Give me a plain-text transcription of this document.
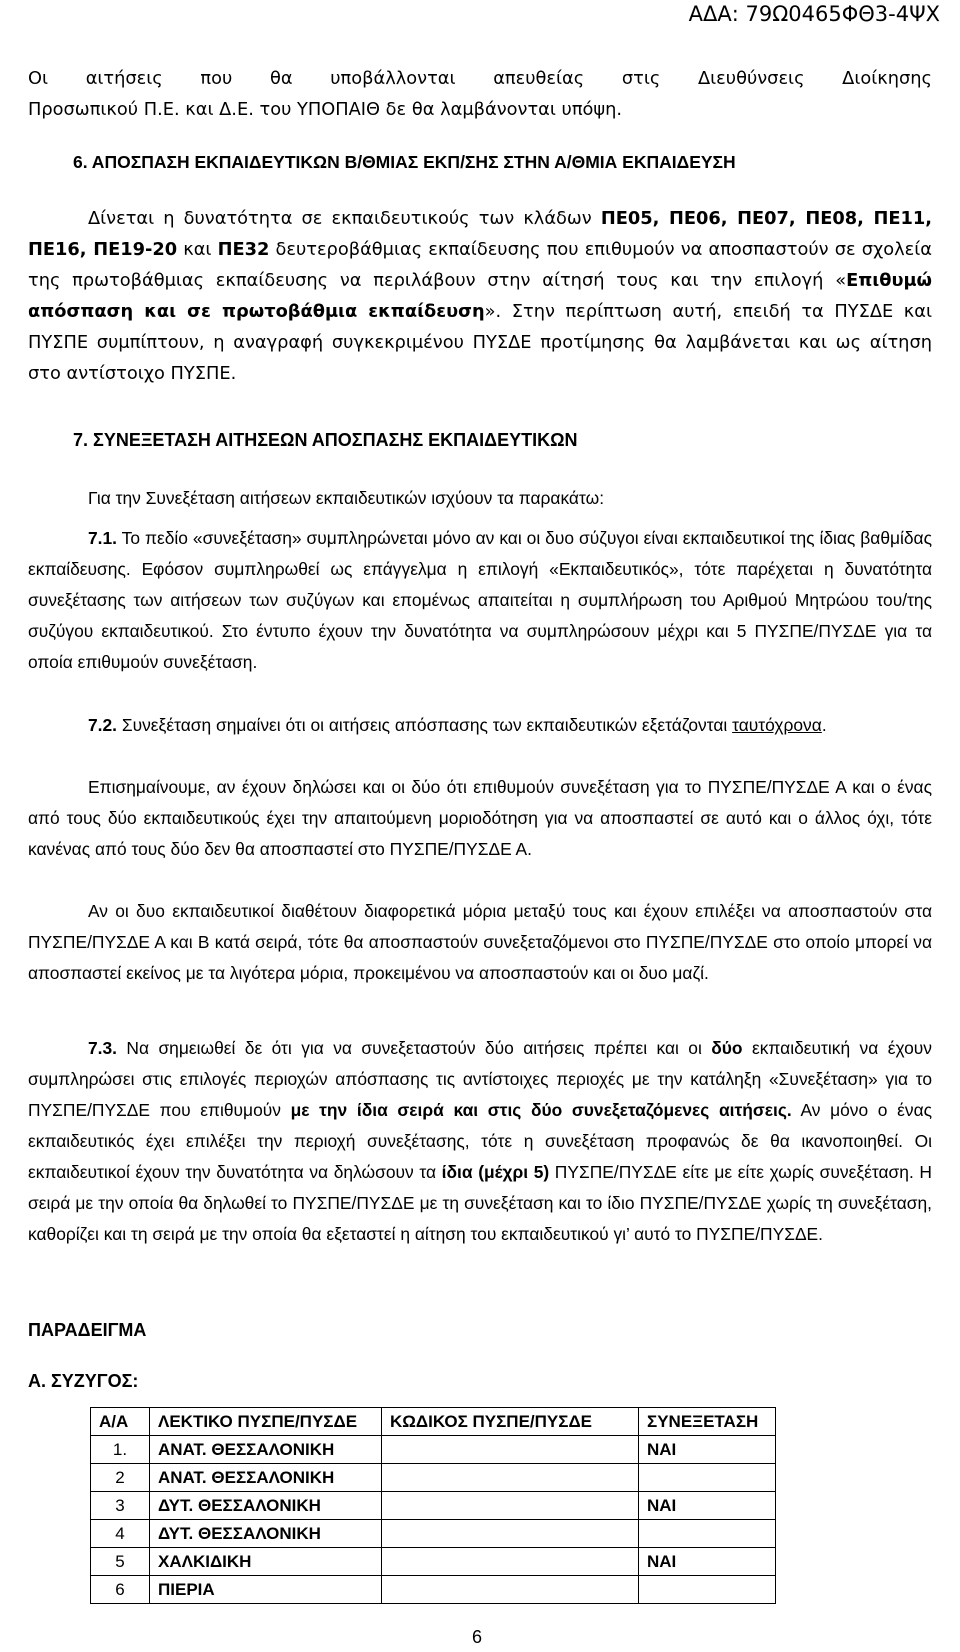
ΑΔΑ: 79Ω0465ΦΘ3-4ΨΧ

Οι αιτήσεις που θα υποβάλλονται απευθείας στις Διευθύνσεις Διοίκησης
Προσωπικού Π.Ε. και Δ.Ε. του ΥΠΟΠΑΙΘ δε θα λαμβάνονται υπόψη.

6. ΑΠΟΣΠΑΣΗ ΕΚΠΑΙΔΕΥΤΙΚΩΝ Β/ΘΜΙΑΣ ΕΚΠ/ΣΗΣ ΣΤΗΝ Α/ΘΜΙΑ ΕΚΠΑΙΔΕΥΣΗ

Δίνεται η δυνατότητα σε εκπαιδευτικούς των κλάδων ΠΕ05, ΠΕ06, ΠΕ07, ΠΕ08, ΠΕ11, ΠΕ16, ΠΕ19-20 και ΠΕ32 δευτεροβάθμιας εκπαίδευσης που επιθυμούν να αποσπαστούν σε σχολεία της πρωτοβάθμιας εκπαίδευσης να περιλάβουν στην αίτησή τους και την επιλογή «Επιθυμώ απόσπαση και σε πρωτοβάθμια εκπαίδευση». Στην περίπτωση αυτή, επειδή τα ΠΥΣΔΕ και ΠΥΣΠΕ συμπίπτουν, η αναγραφή συγκεκριμένου ΠΥΣΔΕ προτίμησης θα λαμβάνεται και ως αίτηση στο αντίστοιχο ΠΥΣΠΕ.

7. ΣΥΝΕΞΕΤΑΣΗ ΑΙΤΗΣΕΩΝ ΑΠΟΣΠΑΣΗΣ ΕΚΠΑΙΔΕΥΤΙΚΩΝ

Για την Συνεξέταση αιτήσεων εκπαιδευτικών ισχύουν τα παρακάτω:

7.1. Το πεδίο «συνεξέταση» συμπληρώνεται μόνο αν και οι δυο σύζυγοι είναι εκπαιδευτικοί της ίδιας βαθμίδας εκπαίδευσης. Εφόσον συμπληρωθεί ως επάγγελμα η επιλογή «Εκπαιδευτικός», τότε παρέχεται η δυνατότητα συνεξέτασης των αιτήσεων των συζύγων και επομένως απαιτείται η συμπλήρωση του Αριθμού Μητρώου του/της συζύγου εκπαιδευτικού. Στο έντυπο έχουν την δυνατότητα να συμπληρώσουν μέχρι και 5 ΠΥΣΠΕ/ΠΥΣΔΕ για τα οποία επιθυμούν συνεξέταση.

7.2. Συνεξέταση σημαίνει ότι οι αιτήσεις απόσπασης των εκπαιδευτικών εξετάζονται ταυτόχρονα.

Επισημαίνουμε, αν έχουν δηλώσει και οι δύο ότι επιθυμούν συνεξέταση για το ΠΥΣΠΕ/ΠΥΣΔΕ Α και ο ένας από τους δύο εκπαιδευτικούς έχει την απαιτούμενη μοριοδότηση για να αποσπαστεί σε αυτό και ο άλλος όχι, τότε κανένας από τους δύο δεν θα αποσπαστεί στο ΠΥΣΠΕ/ΠΥΣΔΕ Α.

Αν οι δυο εκπαιδευτικοί διαθέτουν διαφορετικά μόρια μεταξύ τους και έχουν επιλέξει να αποσπαστούν στα ΠΥΣΠΕ/ΠΥΣΔΕ Α και Β κατά σειρά, τότε θα αποσπαστούν συνεξεταζόμενοι στο ΠΥΣΠΕ/ΠΥΣΔΕ στο οποίο μπορεί να αποσπαστεί εκείνος με τα λιγότερα μόρια, προκειμένου να αποσπαστούν και οι δυο μαζί.

7.3. Να σημειωθεί δε ότι για να συνεξεταστούν δύο αιτήσεις πρέπει και οι δύο εκπαιδευτική να έχουν συμπληρώσει στις επιλογές περιοχών απόσπασης τις αντίστοιχες περιοχές με την κατάληξη «Συνεξέταση» για το ΠΥΣΠΕ/ΠΥΣΔΕ που επιθυμούν με την ίδια σειρά και στις δύο συνεξεταζόμενες αιτήσεις. Αν μόνο ο ένας εκπαιδευτικός έχει επιλέξει την περιοχή συνεξέτασης, τότε η συνεξέταση προφανώς δε θα ικανοποιηθεί. Οι εκπαιδευτικοί έχουν την δυνατότητα να δηλώσουν τα ίδια (μέχρι 5) ΠΥΣΠΕ/ΠΥΣΔΕ είτε με είτε χωρίς συνεξέταση. Η σειρά με την οποία θα δηλωθεί το ΠΥΣΠΕ/ΠΥΣΔΕ με τη συνεξέταση και το ίδιο ΠΥΣΠΕ/ΠΥΣΔΕ χωρίς τη συνεξέταση, καθορίζει και τη σειρά με την οποία θα εξεταστεί η αίτηση του εκπαιδευτικού γι’ αυτό το ΠΥΣΠΕ/ΠΥΣΔΕ.

ΠΑΡΑΔΕΙΓΜΑ

Α. ΣΥΖΥΓΟΣ:

Α/Α	ΛΕΚΤΙΚΟ ΠΥΣΠΕ/ΠΥΣΔΕ	ΚΩΔΙΚΟΣ ΠΥΣΠΕ/ΠΥΣΔΕ	ΣΥΝΕΞΕΤΑΣΗ
1.	ΑΝΑΤ. ΘΕΣΣΑΛΟΝΙΚΗ		ΝΑΙ
2	ΑΝΑΤ. ΘΕΣΣΑΛΟΝΙΚΗ		
3	ΔΥΤ. ΘΕΣΣΑΛΟΝΙΚΗ		ΝΑΙ
4	ΔΥΤ. ΘΕΣΣΑΛΟΝΙΚΗ		
5	ΧΑΛΚΙΔΙΚΗ		ΝΑΙ
6	ΠΙΕΡΙΑ		
6
